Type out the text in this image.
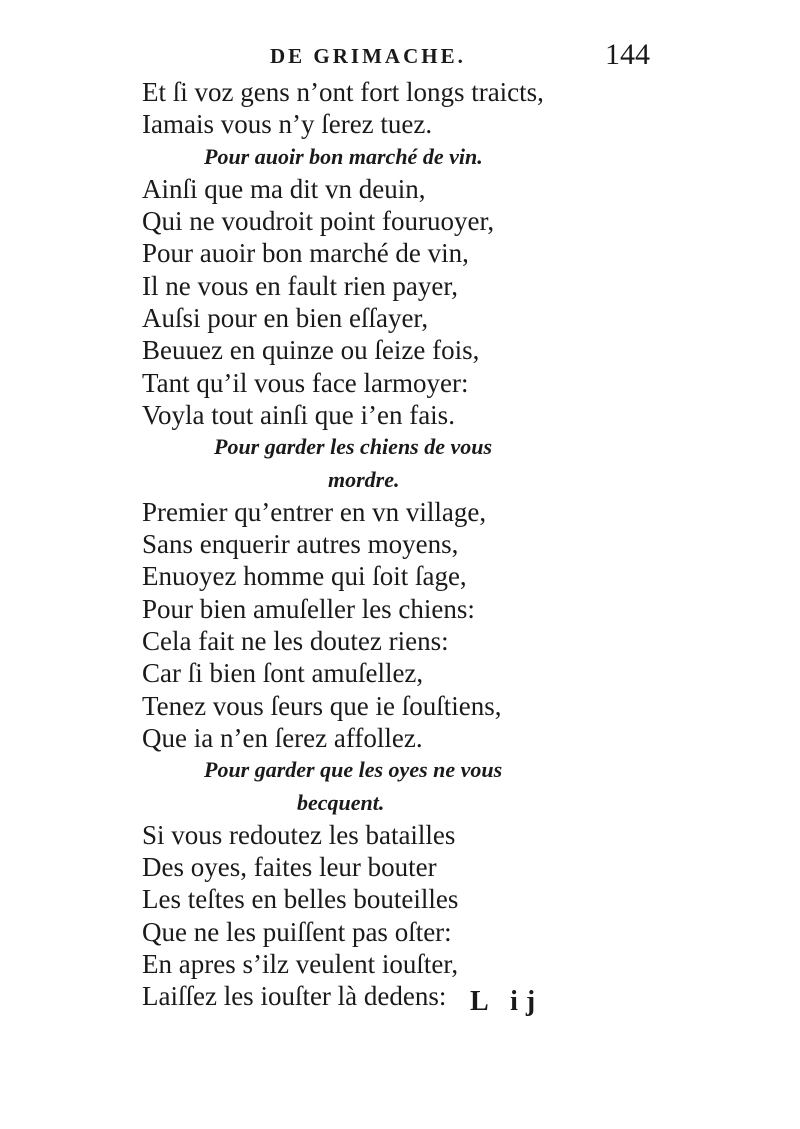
DE GRIMACHE.	144
Et ſi voz gens n’ont fort longs traicts,
Iamais vous n’y ſerez tuez.
Pour auoir bon marché de vin.
Ainſi que ma dit vn deuin,
Qui ne voudroit point fouruoyer,
Pour auoir bon marché de vin,
Il ne vous en fault rien payer,
Auſsi pour en bien eſſayer,
Beuuez en quinze ou ſeize fois,
Tant qu’il vous face larmoyer:
Voyla tout ainſi que i’en fais.
Pour garder les chiens de vous
mordre.
Premier qu’entrer en vn village,
Sans enquerir autres moyens,
Enuoyez homme qui ſoit ſage,
Pour bien amuſeller les chiens:
Cela fait ne les doutez riens:
Car ſi bien ſont amuſellez,
Tenez vous ſeurs que ie ſouſtiens,
Que ia n’en ſerez affollez.
Pour garder que les oyes ne vous
becquent.
Si vous redoutez les batailles
Des oyes, faites leur bouter
Les teſtes en belles bouteilles
Que ne les puiſſent pas oſter:
En apres s’ilz veulent iouſter,
Laiſſez les iouſter là dedens: L ij
